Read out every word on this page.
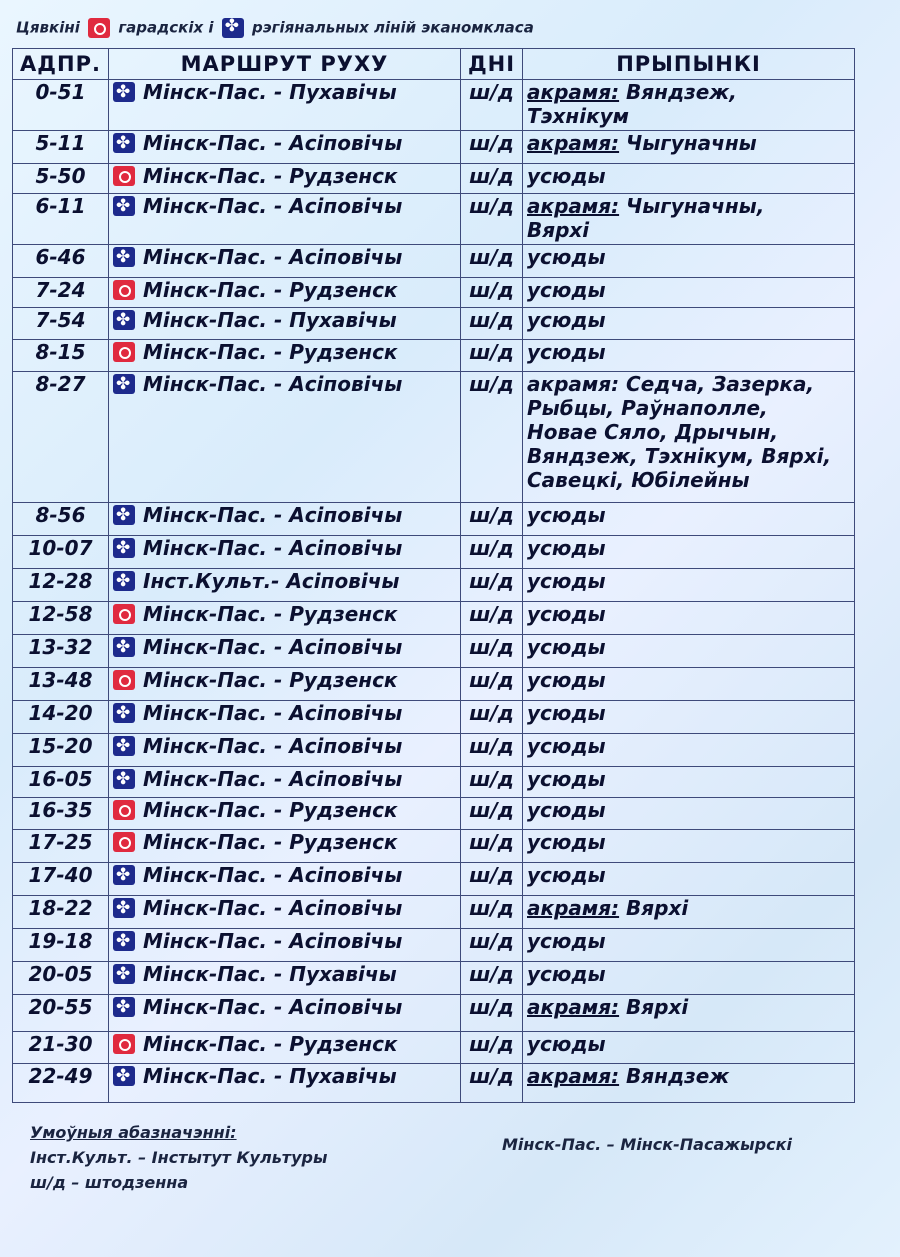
Цявкіні	гарадскіх і ✤	рэгіянальных ліній эканомкласа
АДПР.	МАРШРУТ РУХУ	ДНІ	ПРЫПЫНКІ
0-51	✤Мінск-Пас. - Пухавічы	ш/д	акрамя: Вяндзеж,
Тэхнікум
5-11	✤Мінск-Пас. - Асіповічы	ш/д	акрамя: Чыгуначны
5-50	Мінск-Пас. - Рудзенск	ш/д	усюды
6-11	✤Мінск-Пас. - Асіповічы	ш/д	акрамя: Чыгуначны,
Вярхі
6-46	✤Мінск-Пас. - Асіповічы	ш/д	усюды
7-24	Мінск-Пас. - Рудзенск	ш/д	усюды
7-54	✤Мінск-Пас. - Пухавічы	ш/д	усюды
8-15	Мінск-Пас. - Рудзенск	ш/д	усюды
8-27	✤Мінск-Пас. - Асіповічы	ш/д	акрамя: Седча, Зазерка,
Рыбцы, Раўнаполле,
Новае Сяло, Дрычын,
Вяндзеж, Тэхнікум, Вярхі,
Савецкі, Юбілейны
8-56	✤Мінск-Пас. - Асіповічы	ш/д	усюды
10-07	✤Мінск-Пас. - Асіповічы	ш/д	усюды
12-28	✤Інст.Культ.- Асіповічы	ш/д	усюды
12-58	Мінск-Пас. - Рудзенск	ш/д	усюды
13-32	✤Мінск-Пас. - Асіповічы	ш/д	усюды
13-48	Мінск-Пас. - Рудзенск	ш/д	усюды
14-20	✤Мінск-Пас. - Асіповічы	ш/д	усюды
15-20	✤Мінск-Пас. - Асіповічы	ш/д	усюды
16-05	✤Мінск-Пас. - Асіповічы	ш/д	усюды
16-35	Мінск-Пас. - Рудзенск	ш/д	усюды
17-25	Мінск-Пас. - Рудзенск	ш/д	усюды
17-40	✤Мінск-Пас. - Асіповічы	ш/д	усюды
18-22	✤Мінск-Пас. - Асіповічы	ш/д	акрамя: Вярхі
19-18	✤Мінск-Пас. - Асіповічы	ш/д	усюды
20-05	✤Мінск-Пас. - Пухавічы	ш/д	усюды
20-55	✤Мінск-Пас. - Асіповічы	ш/д	акрамя: Вярхі
21-30	Мінск-Пас. - Рудзенск	ш/д	усюды
22-49	✤Мінск-Пас. - Пухавічы	ш/д	акрамя: Вяндзеж
Умоўныя абазначэнні:
Інст.Культ. – Інстытут Культуры
ш/д – штодзенна
Мінск-Пас. – Мінск-Пасажырскі
